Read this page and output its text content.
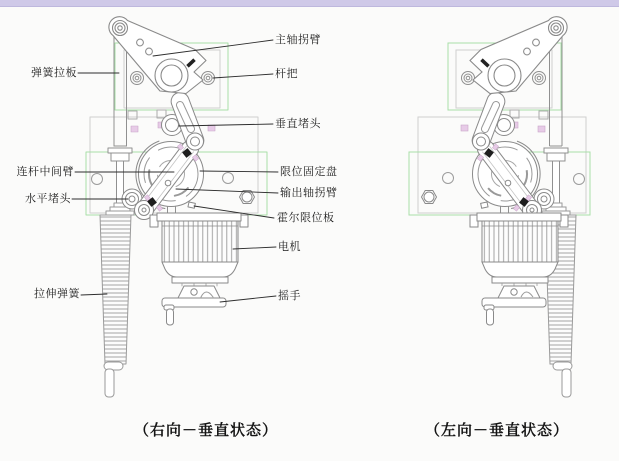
弹簧拉板
主轴拐臂
杆把
垂直堵头
连杆中间臂	限位固定盘
水平堵头	输出轴拐臂
霍尔限位板
电机
拉伸弹簧	摇手
（右向－垂直状态）	（左向－垂直状态）
